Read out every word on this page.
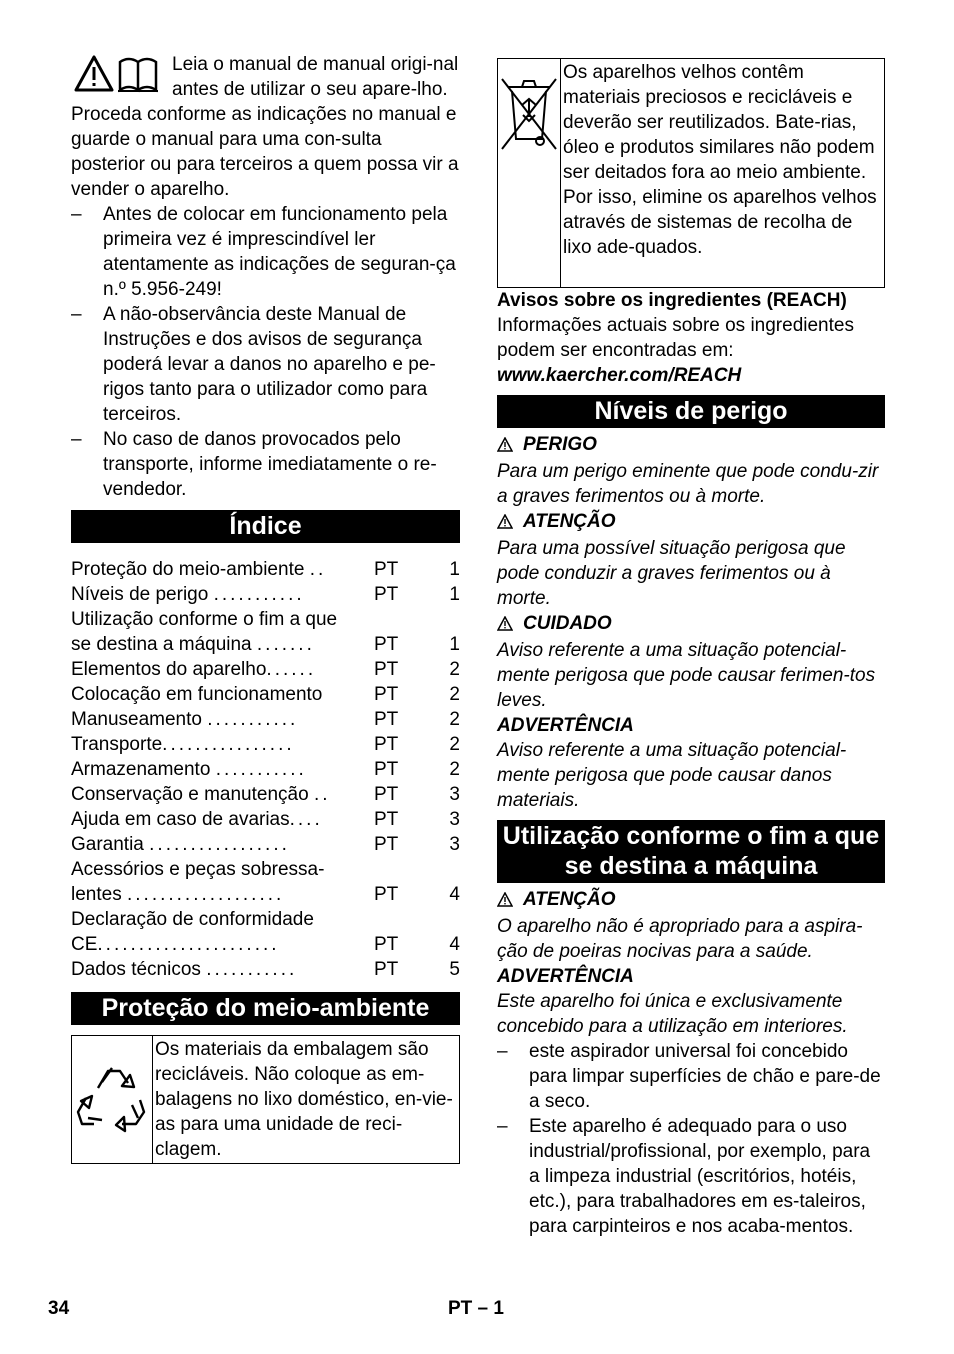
Leia o manual de manual origi-nal antes de utilizar o seu apare-lho. Proceda conforme as indicações no manual e guarde o manual para uma con-sulta posterior ou para terceiros a quem possa vir a vender o aparelho.

– Antes de colocar em funcionamento pela primeira vez é imprescindível ler atentamente as indicações de seguran-ça n.º 5.956-249!
– A não-observância deste Manual de Instruções e dos avisos de segurança poderá levar a danos no aparelho e pe-rigos tanto para o utilizador como para terceiros.
– No caso de danos provocados pelo transporte, informe imediatamente o re-vendedor.
Índice
Proteção do meio-ambiente ..	PT	1
Níveis de perigo ...........	PT	1
Utilização conforme o fim a que
se destina a máquina .......	PT	1
Elementos do aparelho......	PT	2
Colocação em funcionamento	PT	2
Manuseamento ...........	PT	2
Transporte................	PT	2
Armazenamento ...........	PT	2
Conservação e manutenção ..	PT	3
Ajuda em caso de avarias....	PT	3
Garantia .................	PT	3
Acessórios e peças sobressa-
lentes ...................	PT	4
Declaração de conformidade
CE......................	PT	4
Dados técnicos ...........	PT	5
Proteção do meio-ambiente
Os materiais da embalagem são recicláveis. Não coloque as em-balagens no lixo doméstico, en-vie-as para uma unidade de reci-clagem.
Os aparelhos velhos contêm materiais preciosos e recicláveis e deverão ser reutilizados. Bate-rias, óleo e produtos similares não podem ser deitados fora ao meio ambiente. Por isso, elimine os aparelhos velhos através de sistemas de recolha de lixo ade-quados.

Avisos sobre os ingredientes (REACH)

Informações actuais sobre os ingredientes podem ser encontradas em:

www.kaercher.com/REACH

Níveis de perigo

PERIGO

Para um perigo eminente que pode condu-zir a graves ferimentos ou à morte.

ATENÇÃO

Para uma possível situação perigosa que pode conduzir a graves ferimentos ou à morte.

CUIDADO

Aviso referente a uma situação potencial-mente perigosa que pode causar ferimen-tos leves.

ADVERTÊNCIA

Aviso referente a uma situação potencial-mente perigosa que pode causar danos materiais.

Utilização conforme o fim a que se destina a máquina

ATENÇÃO

O aparelho não é apropriado para a aspira-ção de poeiras nocivas para a saúde.

ADVERTÊNCIA

Este aparelho foi única e exclusivamente concebido para a utilização em interiores.

– este aspirador universal foi concebido para limpar superfícies de chão e pare-de a seco.
– Este aparelho é adequado para o uso industrial/profissional, por exemplo, para a limpeza industrial (escritórios, hotéis, etc.), para trabalhadores em es-taleiros, para carpinteiros e nos acaba-mentos.
34	PT – 1
